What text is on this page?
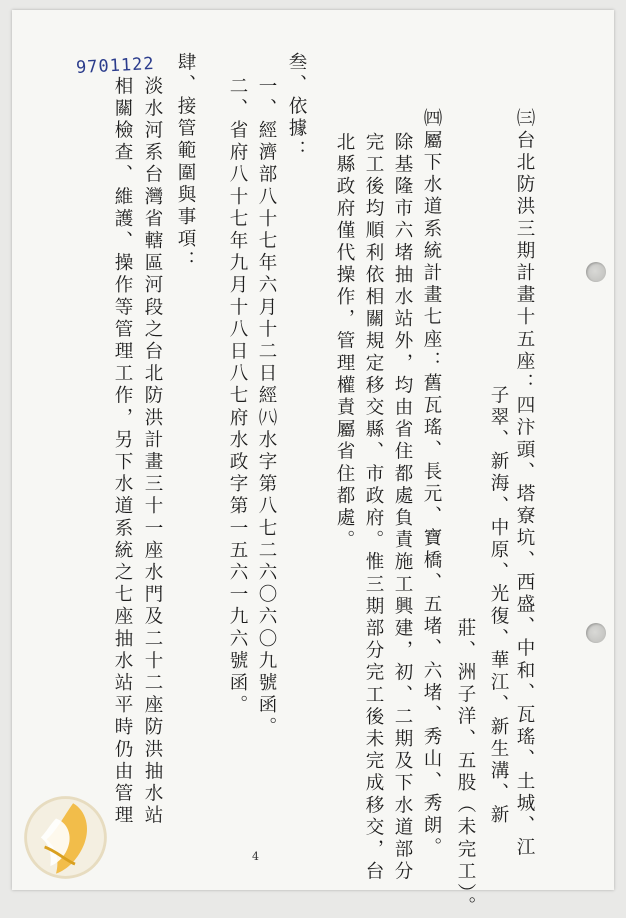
9701122
㈢台北防洪三期計畫十五座：四汴頭、塔寮坑、西盛、中和、瓦瑤、土城、江
子翠、新海、中原、光復、華江、新生溝、新
莊、洲子洋、五股（未完工）。
㈣屬下水道系統計畫七座：舊瓦瑤、長元、寶橋、五堵、六堵、秀山、秀朗。
除基隆市六堵抽水站外，均由省住都處負責施工興建，初、二期及下水道部分
完工後均順利依相關規定移交縣、市政府。惟三期部分完工後未完成移交，台
北縣政府僅代操作，管理權責屬省住都處。
叁、依據：
一、經濟部八十七年六月十二日經㈧水字第八七二六〇六〇九號函。
二、省府八十七年九月十八日八七府水政字第一五六一九六號函。
肆、接管範圍與事項：
淡水河系台灣省轄區河段之台北防洪計畫三十一座水門及二十二座防洪抽水站
相關檢查、維護、操作等管理工作，另下水道系統之七座抽水站平時仍由管理
4
